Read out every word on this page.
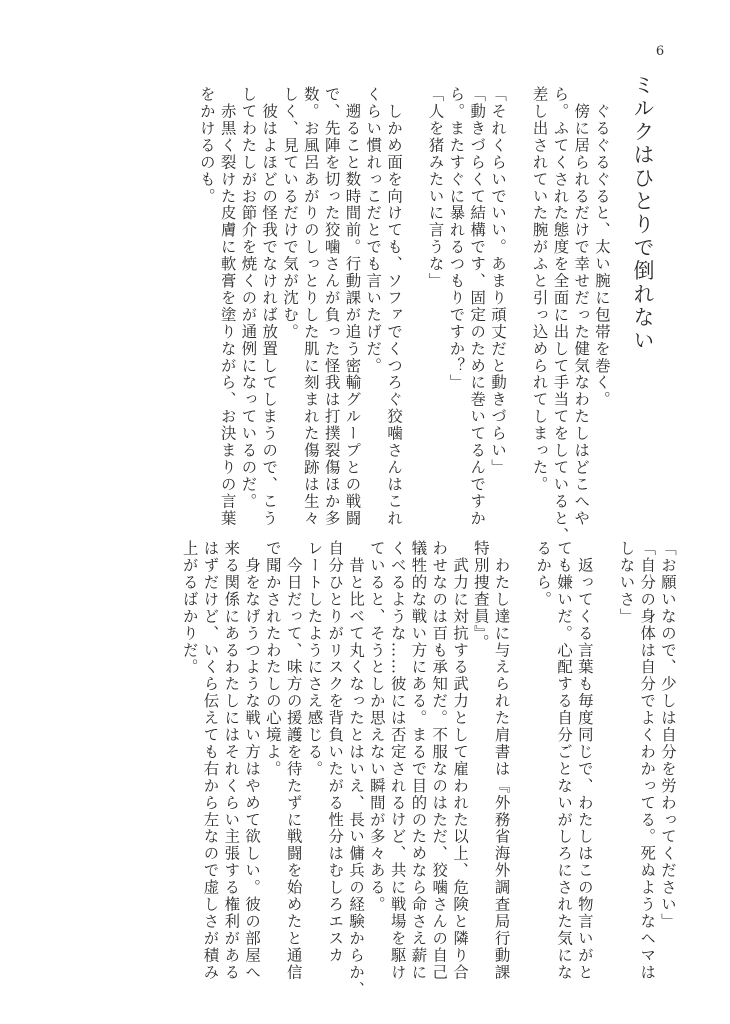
6
ミルクはひとりで倒れない

　ぐるぐるぐると、太い腕に包帯を巻く。

　傍に居られるだけで幸せだった健気なわたしはどこへや

ら。ふてくされた態度を全面に出して手当てをしていると、

差し出されていた腕がふと引っ込められてしまった。

「それくらいでいい。あまり頑丈だと動きづらい」

「動きづらくて結構です、固定のために巻いてるんですか

ら。またすぐに暴れるつもりですか？」

「人を猪みたいに言うな」

　しかめ面を向けても、ソファでくつろぐ狡噛さんはこれ

くらい慣れっこだとでも言いたげだ。

　遡ること数時間前。行動課が追う密輸グループとの戦闘

で、先陣を切った狡噛さんが負った怪我は打撲裂傷ほか多

数。お風呂あがりのしっとりした肌に刻まれた傷跡は生々

しく、見ているだけで気が沈む。

　彼はよほどの怪我でなければ放置してしまうので、こう

してわたしがお節介を焼くのが通例になっているのだ。

　赤黒く裂けた皮膚に軟膏を塗りながら、お決まりの言葉

をかけるのも。

「お願いなので、少しは自分を労わってください」

「自分の身体は自分でよくわかってる。死ぬようなヘマは

しないさ」

　返ってくる言葉も毎度同じで、わたしはこの物言いがと

ても嫌いだ。心配する自分ごとないがしろにされた気にな

るから。

　わたし達に与えられた肩書は『外務省海外調査局行動課

特別捜査員』。

　武力に対抗する武力として雇われた以上、危険と隣り合

わせなのは百も承知だ。不服なのはただ、狡噛さんの自己

犠牲的な戦い方にある。まるで目的のためなら命さえ薪に

くべるような……彼には否定されるけど、共に戦場を駆け

ていると、そうとしか思えない瞬間が多々ある。

　昔と比べて丸くなったとはいえ、長い傭兵の経験からか、

自分ひとりがリスクを背負いたがる性分はむしろエスカ

レートしたようにさえ感じる。

　今日だって、味方の援護を待たずに戦闘を始めたと通信

で聞かされたわたしの心境よ。

　身をなげうつような戦い方はやめて欲しい。彼の部屋へ

来る関係にあるわたしにはそれくらい主張する権利がある

はずだけど、いくら伝えても右から左なので虚しさが積み

上がるばかりだ。
